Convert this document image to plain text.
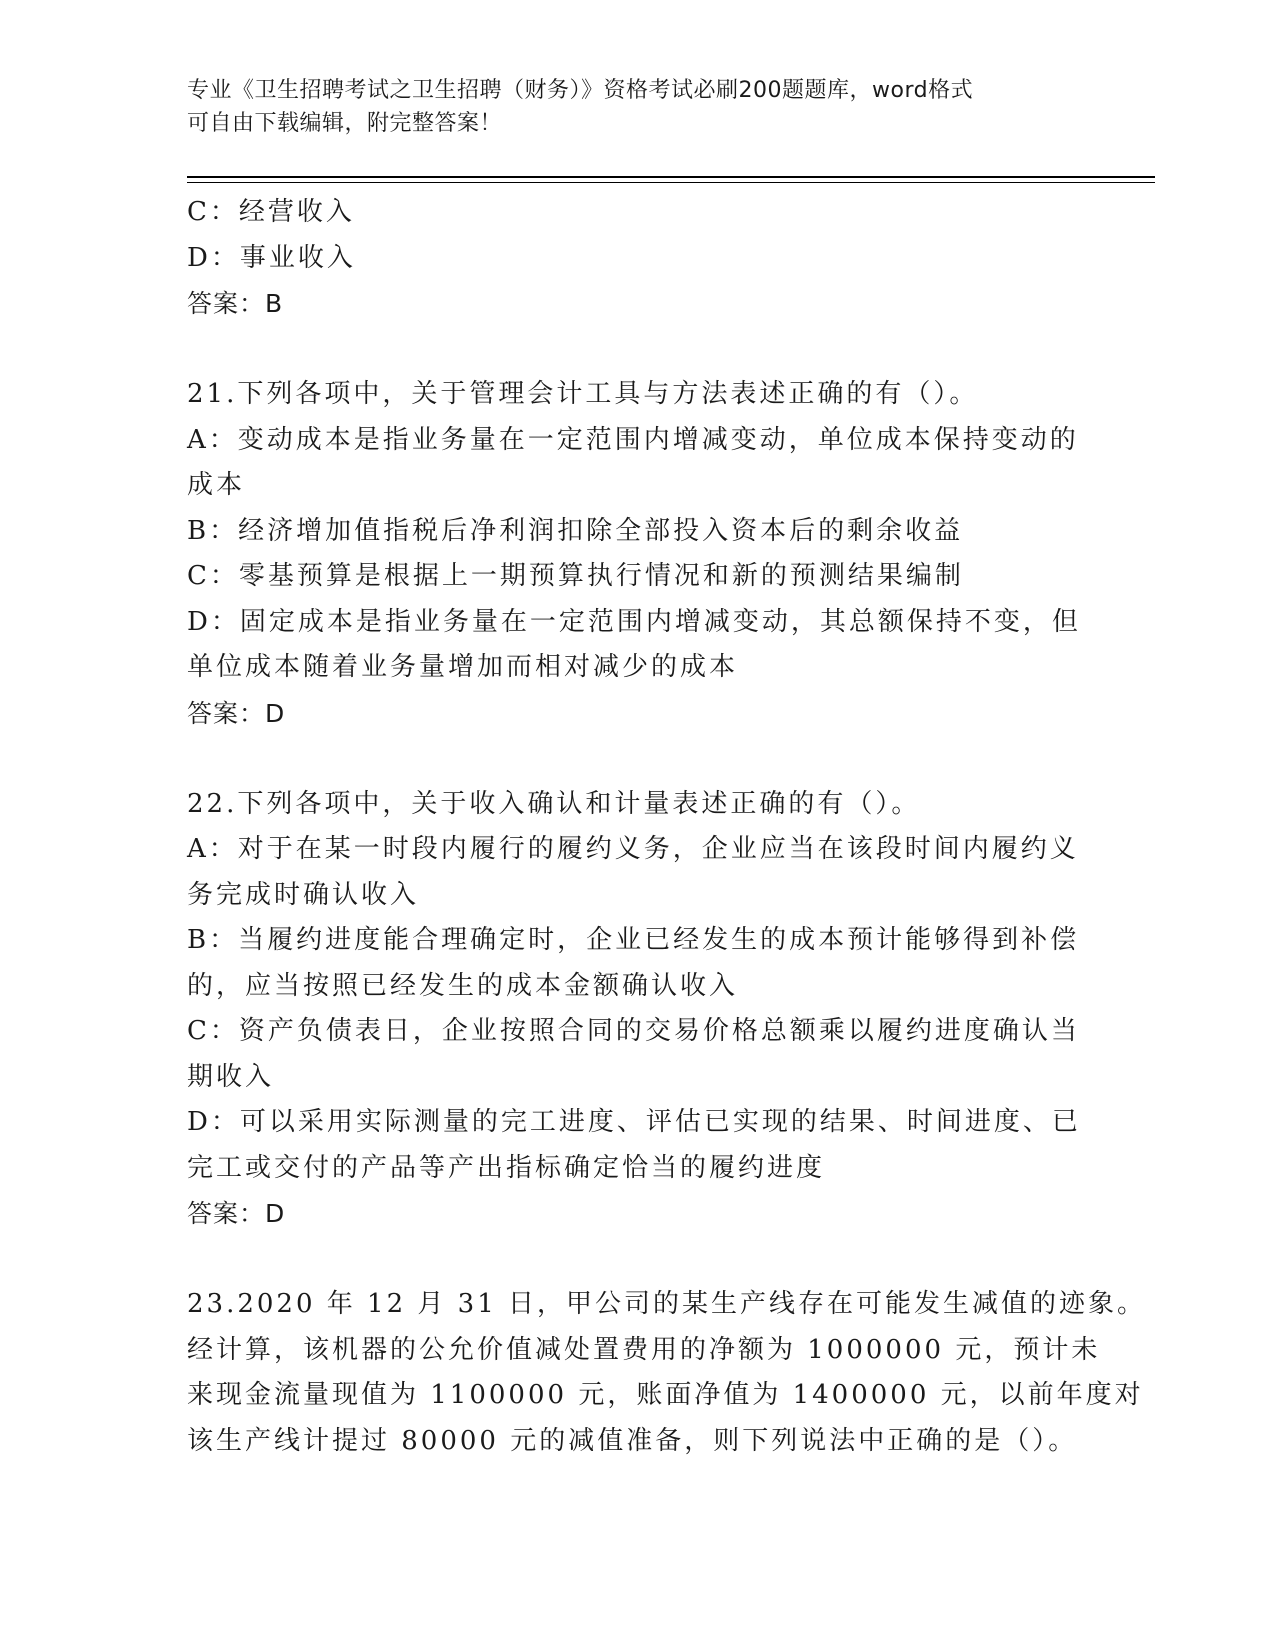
专业《卫生招聘考试之卫生招聘（财务）》资格考试必刷200题题库，word格式
可自由下载编辑，附完整答案！
C：经营收入
D：事业收入
答案：B
21.下列各项中，关于管理会计工具与方法表述正确的有（）。
A：变动成本是指业务量在一定范围内增减变动，单位成本保持变动的
成本
B：经济增加值指税后净利润扣除全部投入资本后的剩余收益
C：零基预算是根据上一期预算执行情况和新的预测结果编制
D：固定成本是指业务量在一定范围内增减变动，其总额保持不变，但
单位成本随着业务量增加而相对减少的成本
答案：D
22.下列各项中，关于收入确认和计量表述正确的有（）。
A：对于在某一时段内履行的履约义务，企业应当在该段时间内履约义
务完成时确认收入
B：当履约进度能合理确定时，企业已经发生的成本预计能够得到补偿
的，应当按照已经发生的成本金额确认收入
C：资产负债表日，企业按照合同的交易价格总额乘以履约进度确认当
期收入
D：可以采用实际测量的完工进度、评估已实现的结果、时间进度、已
完工或交付的产品等产出指标确定恰当的履约进度
答案：D
23.2020 年 12 月 31 日，甲公司的某生产线存在可能发生减值的迹象。
经计算，该机器的公允价值减处置费用的净额为 1000000 元，预计未
来现金流量现值为 1100000 元，账面净值为 1400000 元，以前年度对
该生产线计提过 80000 元的减值准备，则下列说法中正确的是（）。
